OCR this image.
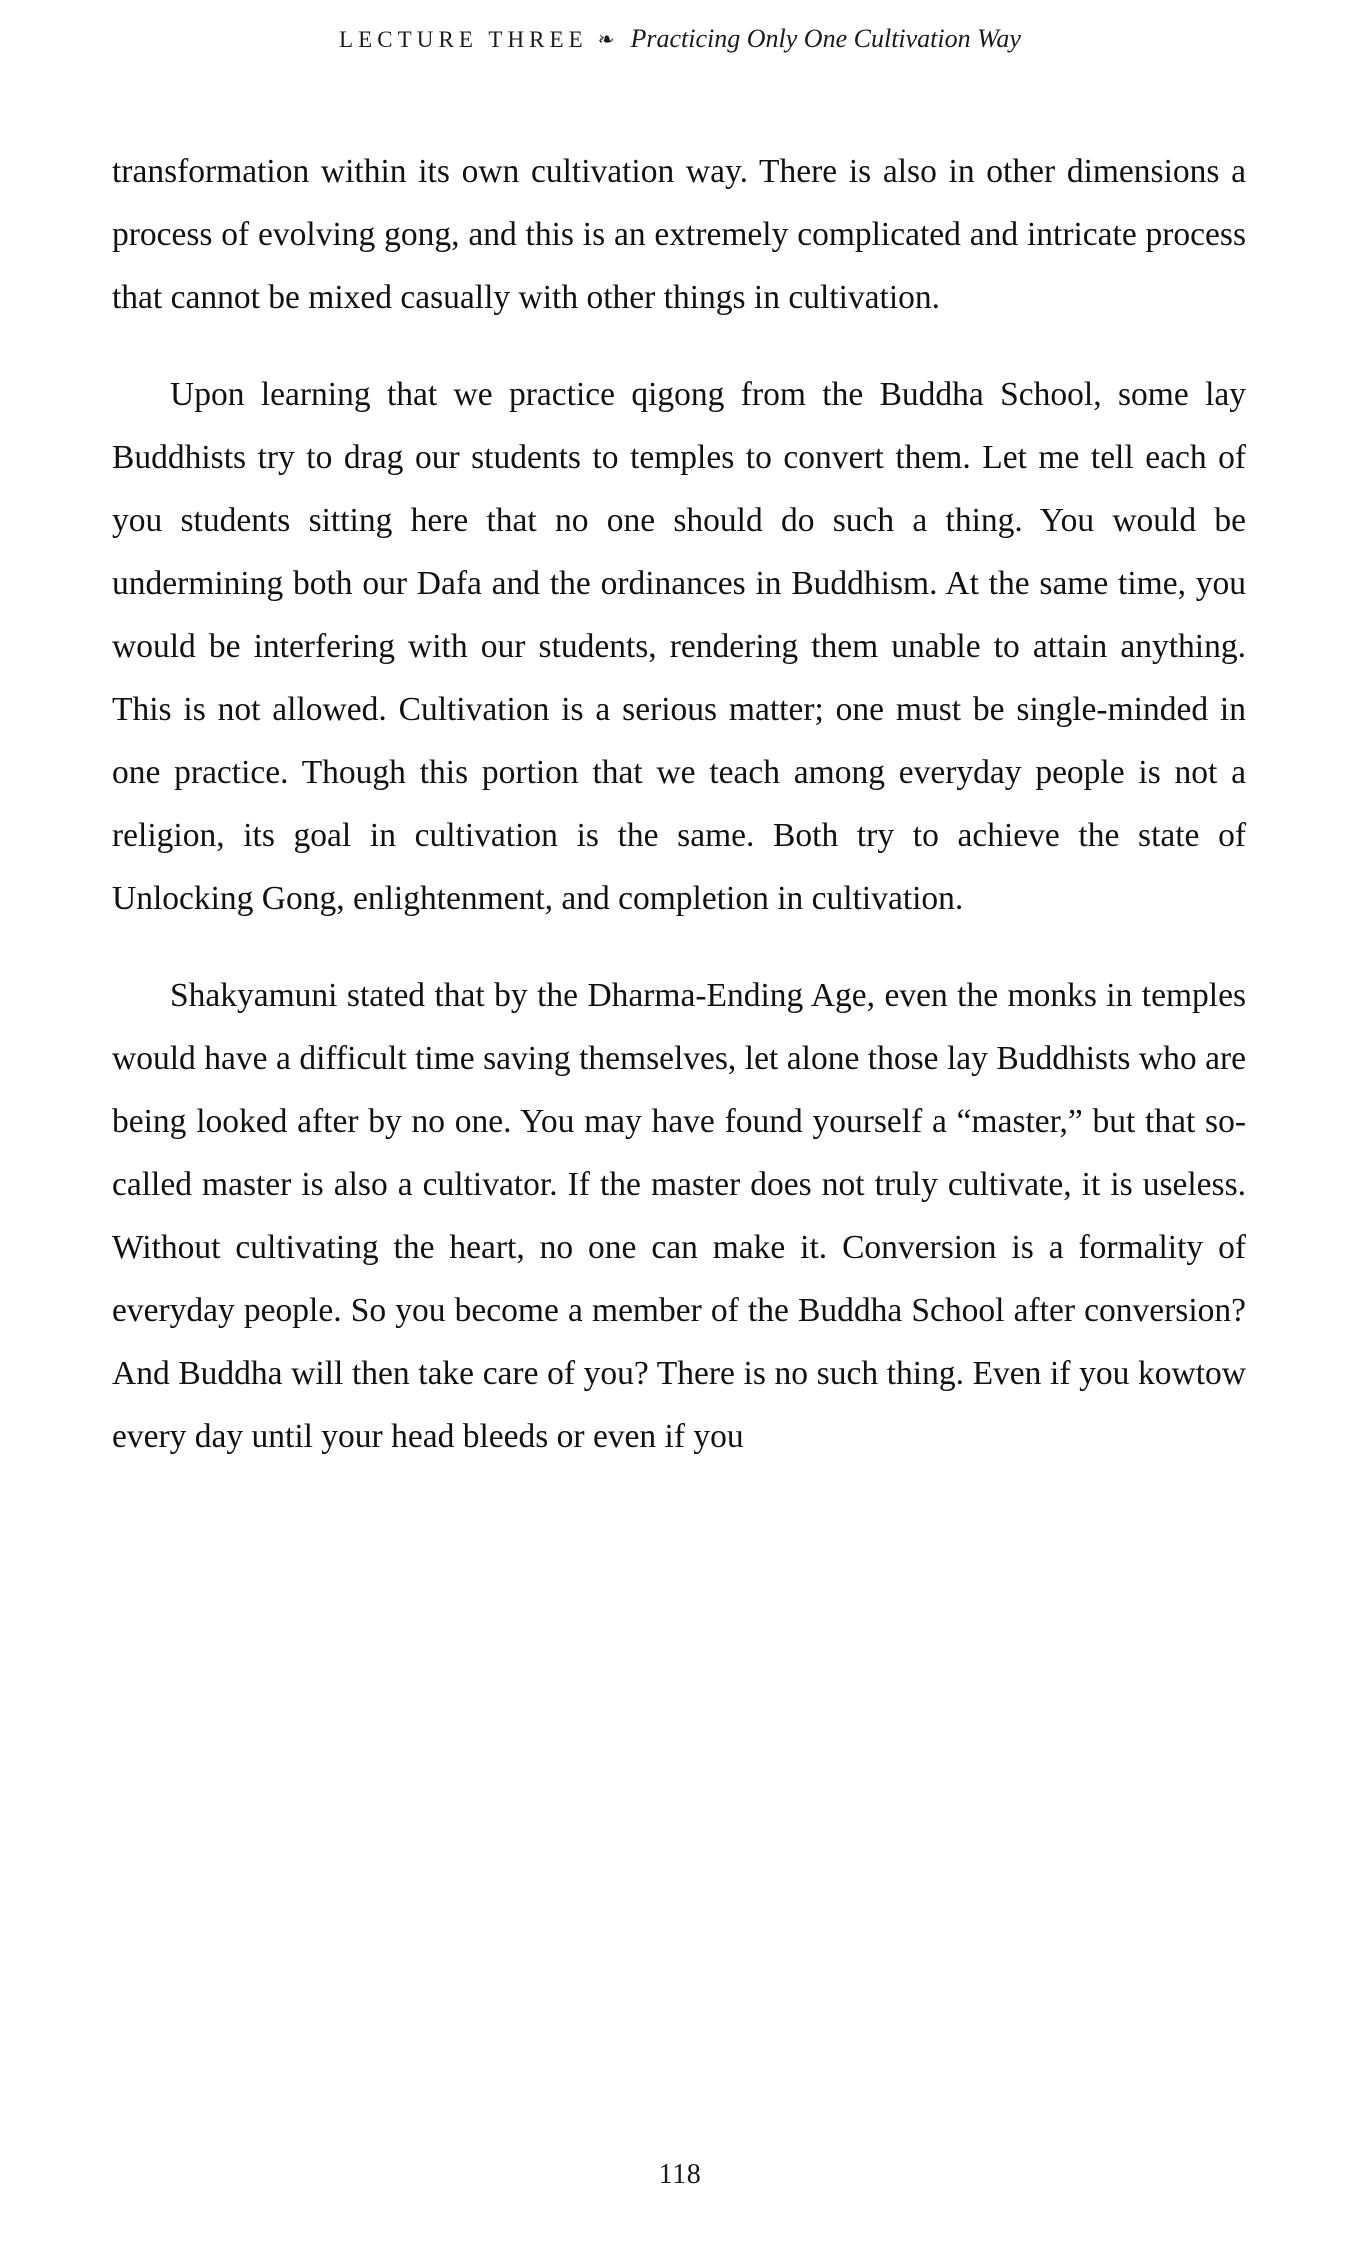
LECTURE THREE ❧ Practicing Only One Cultivation Way

transformation within its own cultivation way. There is also in other dimensions a process of evolving gong, and this is an extremely complicated and intricate process that cannot be mixed casually with other things in cultivation.

Upon learning that we practice qigong from the Buddha School, some lay Buddhists try to drag our students to temples to convert them. Let me tell each of you students sitting here that no one should do such a thing. You would be undermining both our Dafa and the ordinances in Buddhism. At the same time, you would be interfering with our students, rendering them unable to attain anything. This is not allowed. Cultivation is a serious matter; one must be single-minded in one practice. Though this portion that we teach among everyday people is not a religion, its goal in cultivation is the same. Both try to achieve the state of Unlocking Gong, enlightenment, and completion in cultivation.

Shakyamuni stated that by the Dharma-Ending Age, even the monks in temples would have a difficult time saving themselves, let alone those lay Buddhists who are being looked after by no one. You may have found yourself a “master,” but that so-called master is also a cultivator. If the master does not truly cultivate, it is useless. Without cultivating the heart, no one can make it. Conversion is a formality of everyday people. So you become a member of the Buddha School after conversion? And Buddha will then take care of you? There is no such thing. Even if you kowtow every day until your head bleeds or even if you

118
